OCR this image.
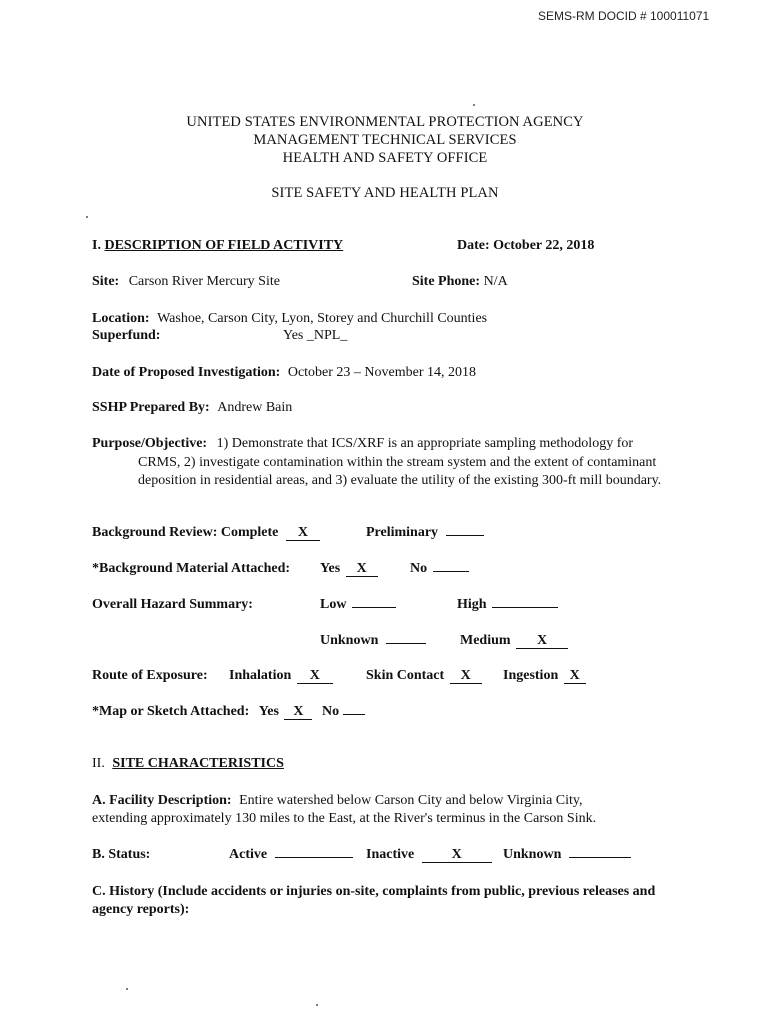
SEMS-RM DOCID # 100011071
UNITED STATES ENVIRONMENTAL PROTECTION AGENCY
MANAGEMENT TECHNICAL SERVICES
HEALTH AND SAFETY OFFICE
SITE SAFETY AND HEALTH PLAN
I. DESCRIPTION OF FIELD ACTIVITY	Date: October 22, 2018
Site: Carson River Mercury Site	Site Phone: N/A
Location: Washoe, Carson City, Lyon, Storey and Churchill Counties
Superfund:	Yes _NPL_
Date of Proposed Investigation: October 23 – November 14, 2018
SSHP Prepared By: Andrew Bain
Purpose/Objective: 1) Demonstrate that ICS/XRF is an appropriate sampling methodology for
CRMS, 2) investigate contamination within the stream system and the extent of contaminant deposition in residential areas, and 3) evaluate the utility of the existing 300-ft mill boundary.
Background Review: Complete X	Preliminary
*Background Material Attached: Yes X	No
Overall Hazard Summary:	Low	High
Unknown	Medium X
Route of Exposure: Inhalation X	Skin Contact X	Ingestion X
*Map or Sketch Attached: Yes X No
II. SITE CHARACTERISTICS
A. Facility Description: Entire watershed below Carson City and below Virginia City,
extending approximately 130 miles to the East, at the River's terminus in the Carson Sink.
B. Status:	Active	Inactive	X	Unknown
C. History (Include accidents or injuries on-site, complaints from public, previous releases and agency reports):
